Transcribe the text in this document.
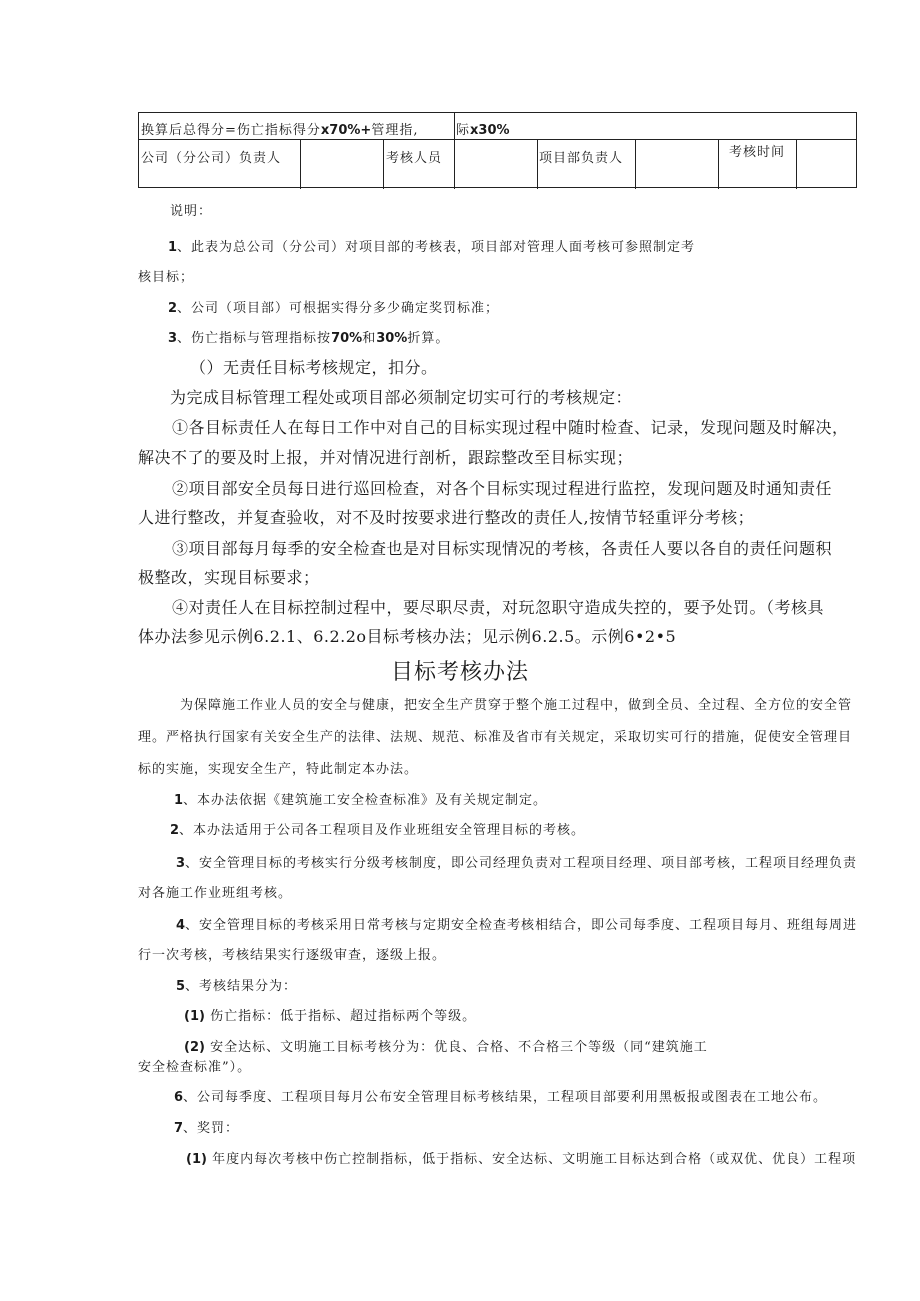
换算后总得分=伤亡指标得分x70%+管理指,	际x30%
公司（分公司）负责人	考核人员	项目部负责人	考核时间
说明：
1、此表为总公司（分公司）对项目部的考核表，项目部对管理人面考核可参照制定考
核目标；
2、公司（项目部）可根据实得分多少确定奖罚标准；
3、伤亡指标与管理指标按70%和30%折算。
（）无责任目标考核规定，扣分。
为完成目标管理工程处或项目部必须制定切实可行的考核规定：
①各目标责任人在每日工作中对自己的目标实现过程中随时检查、记录，发现问题及时解决，
解决不了的要及时上报，并对情况进行剖析，跟踪整改至目标实现；
②项目部安全员每日进行巡回检查，对各个目标实现过程进行监控，发现问题及时通知责任
人进行整改，并复查验收，对不及时按要求进行整改的责任人,按情节轻重评分考核；
③项目部每月每季的安全检查也是对目标实现情况的考核，各责任人要以各自的责任问题积
极整改，实现目标要求；
④对责任人在目标控制过程中，要尽职尽责，对玩忽职守造成失控的，要予处罚。（考核具
体办法参见示例6.2.1、6.2.2o目标考核办法；见示例6.2.5。示例6•2•5
目标考核办法
为保障施工作业人员的安全与健康，把安全生产贯穿于整个施工过程中，做到全员、全过程、全方位的安全管
理。严格执行国家有关安全生产的法律、法规、规范、标准及省市有关规定，采取切实可行的措施，促使安全管理目
标的实施，实现安全生产，特此制定本办法。
1、本办法依据《建筑施工安全检查标准》及有关规定制定。
2、本办法适用于公司各工程项目及作业班组安全管理目标的考核。
3、安全管理目标的考核实行分级考核制度，即公司经理负责对工程项目经理、项目部考核，工程项目经理负责
对各施工作业班组考核。
4、安全管理目标的考核采用日常考核与定期安全检查考核相结合，即公司每季度、工程项目每月、班组每周进
行一次考核，考核结果实行逐级审查，逐级上报。
5、考核结果分为：
(1) 伤亡指标：低于指标、超过指标两个等级。
(2) 安全达标、文明施工目标考核分为：优良、合格、不合格三个等级（同“建筑施工
安全检查标准”）。
6、公司每季度、工程项目每月公布安全管理目标考核结果，工程项目部要利用黑板报或图表在工地公布。
7、奖罚：
(1) 年度内每次考核中伤亡控制指标，低于指标、安全达标、文明施工目标达到合格（或双优、优良）工程项
